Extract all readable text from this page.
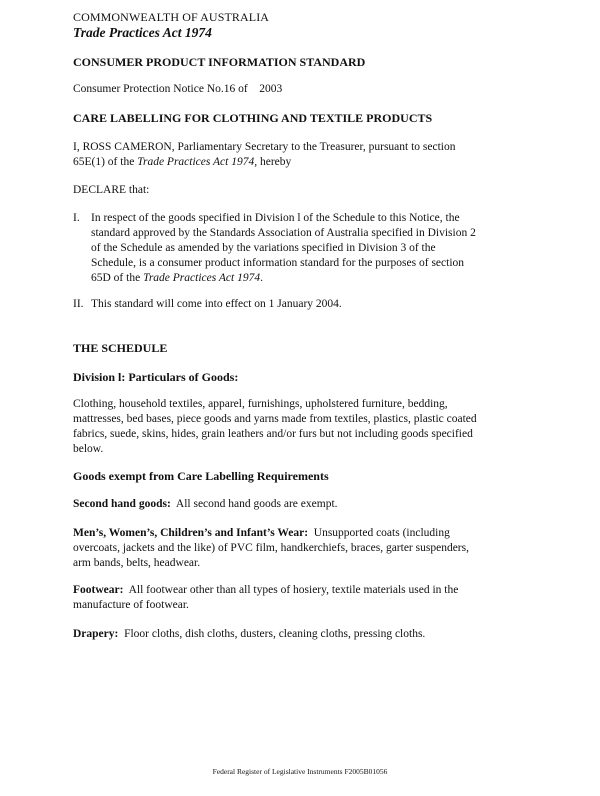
COMMONWEALTH OF AUSTRALIA
Trade Practices Act 1974
CONSUMER PRODUCT INFORMATION STANDARD
Consumer Protection Notice No.16 of    2003
CARE LABELLING FOR CLOTHING AND TEXTILE PRODUCTS
I, ROSS CAMERON, Parliamentary Secretary to the Treasurer, pursuant to section 65E(1) of the Trade Practices Act 1974, hereby
DECLARE that:
I. In respect of the goods specified in Division l of the Schedule to this Notice, the standard approved by the Standards Association of Australia specified in Division 2 of the Schedule as amended by the variations specified in Division 3 of the Schedule, is a consumer product information standard for the purposes of section 65D of the Trade Practices Act 1974.
II. This standard will come into effect on 1 January 2004.
THE SCHEDULE
Division l: Particulars of Goods:
Clothing, household textiles, apparel, furnishings, upholstered furniture, bedding, mattresses, bed bases, piece goods and yarns made from textiles, plastics, plastic coated fabrics, suede, skins, hides, grain leathers and/or furs but not including goods specified below.
Goods exempt from Care Labelling Requirements
Second hand goods:  All second hand goods are exempt.
Men’s, Women’s, Children’s and Infant’s Wear:  Unsupported coats (including overcoats, jackets and the like) of PVC film, handkerchiefs, braces, garter suspenders, arm bands, belts, headwear.
Footwear:  All footwear other than all types of hosiery, textile materials used in the manufacture of footwear.
Drapery:  Floor cloths, dish cloths, dusters, cleaning cloths, pressing cloths.
Federal Register of Legislative Instruments F2005B01056
